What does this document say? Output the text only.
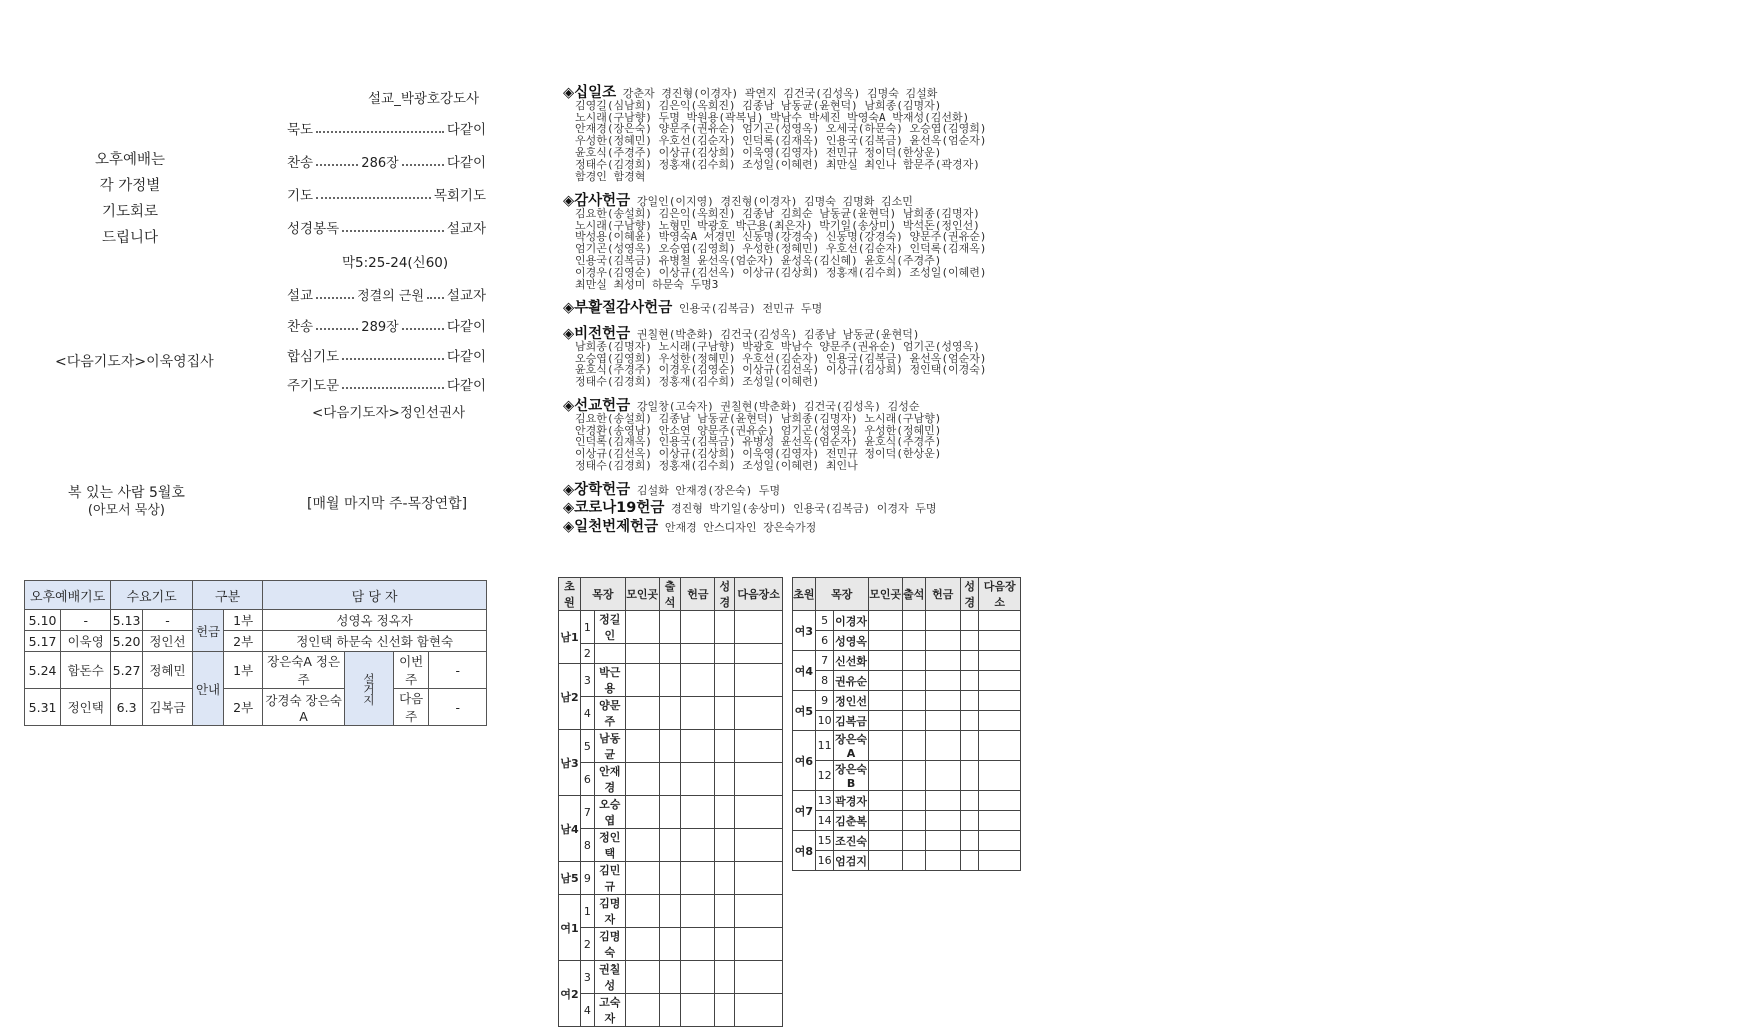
오후예배는
각 가정별
기도회로
드립니다
<다음기도자>이욱영집사
복 있는 사람 5월호
(아모서 묵상)
설교_박광호강도사
묵도	다같이
찬송	286장	다같이
기도	목회기도
성경봉독	설교자
막5:25-24(신60)
설교	정결의 근원 설교자
찬송	289장	다같이
합심기도	다같이
주기도문	다같이
<다음기도자>정인선권사
[매월 마지막 주-목장연합]
◈십일조 강춘자 경진형(이경자) 곽연지 김건국(김성옥) 김명숙 김설화
김영길(심남희) 김은익(옥희진) 김종남 남동균(윤현덕) 남희종(김명자)
노시래(구남향) 두명 박원용(곽복님) 박남수 박세진 박영숙A 박재성(김선화)
안재경(장은숙) 양문주(권유순) 엄기곤(성영옥) 오세국(하문숙) 오승엽(김영희)
우성한(정혜민) 우호선(김순자) 인덕록(김재옥) 인용국(김복금) 윤선옥(엄순자)
윤호식(주경주) 이상규(김상희) 이욱영(김영자) 전민규 정이덕(한상운)
정태수(김경희) 정홍재(김수희) 조성일(이혜련) 최만실 최인나 함문주(곽경자)
함경인 함경혁
◈감사헌금 강일인(이지영) 경진형(이경자) 김명숙 김명화 김소민
김요한(송설희) 김은익(옥희진) 김종남 김희순 남동균(윤현덕) 남희종(김명자)
노시래(구남향) 노형민 박광호 박근용(최은자) 박기일(송상미) 박석돈(정인선)
박성용(이혜윤) 박영숙A 서경민 신동명(강경숙) 신동명(강경숙) 양문주(권유순)
엄기곤(성영옥) 오승엽(김영희) 우성한(정혜민) 우호선(김순자) 인덕록(김재옥)
인용국(김복금) 유병철 윤선옥(엄순자) 윤성옥(김신혜) 윤호식(주경주)
이경우(김영순) 이상규(김선옥) 이상규(김상희) 정홍재(김수희) 조성일(이혜련)
최만실 최성미 하문숙 두명3
◈부활절감사헌금 인용국(김복금) 전민규 두명
◈비전헌금 권칠현(박춘화) 김건국(김성옥) 김종남 남동균(윤현덕)
남희종(김명자) 노시래(구남향) 박광호 박남수 양문주(권유순) 엄기곤(성영옥)
오승엽(김영희) 우성한(정혜민) 우호선(김순자) 인용국(김복금) 윤선옥(엄순자)
윤호식(주경주) 이경우(김영순) 이상규(김선옥) 이상규(김상희) 정인택(이경숙)
정태수(김경희) 정홍재(김수희) 조성일(이혜련)
◈선교헌금 강일창(고숙자) 권칠현(박춘화) 김건국(김성옥) 김성순
김요한(송설희) 김종남 남동균(윤현덕) 남희종(김명자) 노시래(구남향)
안경환(송영남) 안소연 양문주(권유순) 엄기곤(성영옥) 우성한(정혜민)
인덕록(김재옥) 인용국(김복금) 유병성 윤선옥(엄순자) 윤호식(주경주)
이상규(김선옥) 이상규(김상희) 이욱영(김영자) 전민규 정이덕(한상운)
정태수(김경희) 정홍재(김수희) 조성일(이혜련) 최인나
◈장학헌금 김설화 안재경(장은숙) 두명
◈코로나19헌금 경진형 박기일(송상미) 인용국(김복금) 이경자 두명
◈일천번제헌금 안재경 안스디자인 장은숙가정
오후예배기도		수요기도		구분		담 당 자			
5.10	-	5.13	-	헌금	1부	성영옥 정옥자			
5.17	이욱영	5.20	정인선		2부	정인택 하문숙 신선화 함현숙			
5.24	함돈수	5.27	정혜민	안내	1부	장은숙A 정은주	설거지	이번주	-
5.31	정인택	6.3	김복금		2부	강경숙 장은숙A		다음주	-
초원	목장		모인곳	출석	헌금	성경	다음장소
남1	1	정길인					
	2						
남2	3	박근용					
	4	양문주					
남3	5	남동균					
	6	안재경					
남4	7	오승엽					
	8	정인택					
남5	9	김민규					
여1	1	김명자					
	2	김명숙					
여2	3	권칠성					
	4	고숙자					
초원	목장		모인곳	출석	헌금	성경	다음장소
여3	5	이경자					
	6	성영옥					
여4	7	신선화					
	8	권유순					
여5	9	정인선					
	10	김복금					
여6	11	장은숙A					
	12	장은숙B					
여7	13	곽경자					
	14	김춘복					
여8	15	조진숙					
	16	엄검지					
